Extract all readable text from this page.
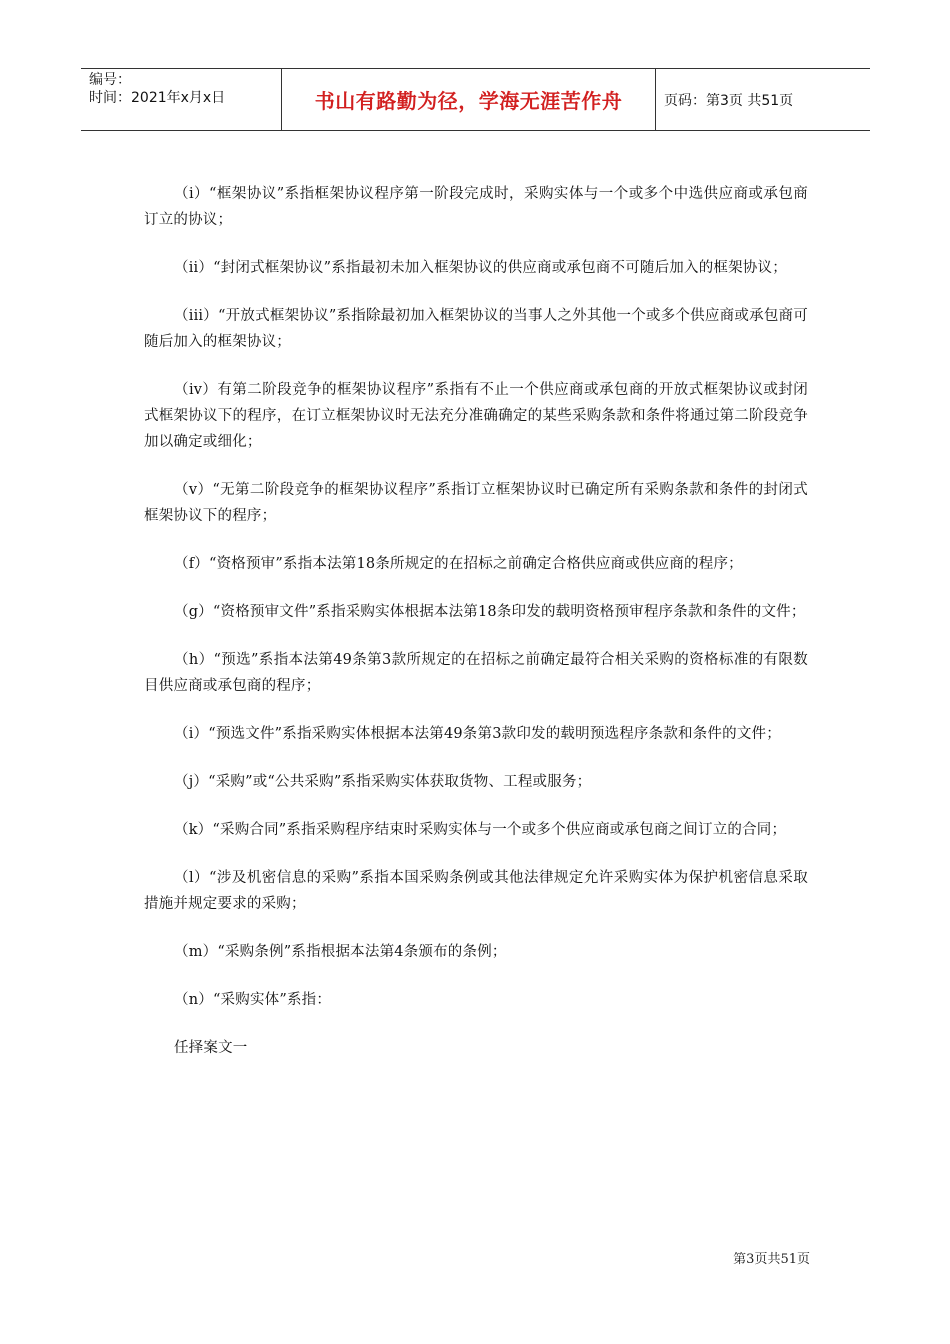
编号：
时间：2021年x月x日	书山有路勤为径，学海无涯苦作舟	页码：第3页 共51页

（i）“框架协议”系指框架协议程序第一阶段完成时，采购实体与一个或多个中选供应商或承包商订立的协议；

（ii）“封闭式框架协议”系指最初未加入框架协议的供应商或承包商不可随后加入的框架协议；

（iii）“开放式框架协议”系指除最初加入框架协议的当事人之外其他一个或多个供应商或承包商可随后加入的框架协议；

（iv）有第二阶段竞争的框架协议程序”系指有不止一个供应商或承包商的开放式框架协议或封闭式框架协议下的程序，在订立框架协议时无法充分准确确定的某些采购条款和条件将通过第二阶段竞争加以确定或细化；

（v）“无第二阶段竞争的框架协议程序”系指订立框架协议时已确定所有采购条款和条件的封闭式框架协议下的程序；

（f）“资格预审”系指本法第18条所规定的在招标之前确定合格供应商或供应商的程序；

（g）“资格预审文件”系指采购实体根据本法第18条印发的载明资格预审程序条款和条件的文件；

（h）“预选”系指本法第49条第3款所规定的在招标之前确定最符合相关采购的资格标准的有限数目供应商或承包商的程序；

（i）“预选文件”系指采购实体根据本法第49条第3款印发的载明预选程序条款和条件的文件；

（j）“采购”或“公共采购”系指采购实体获取货物、工程或服务；

（k）“采购合同”系指采购程序结束时采购实体与一个或多个供应商或承包商之间订立的合同；

（l）“涉及机密信息的采购”系指本国采购条例或其他法律规定允许采购实体为保护机密信息采取措施并规定要求的采购；

（m）“采购条例”系指根据本法第4条颁布的条例；

（n）“采购实体”系指：

任择案文一

第3页共51页
